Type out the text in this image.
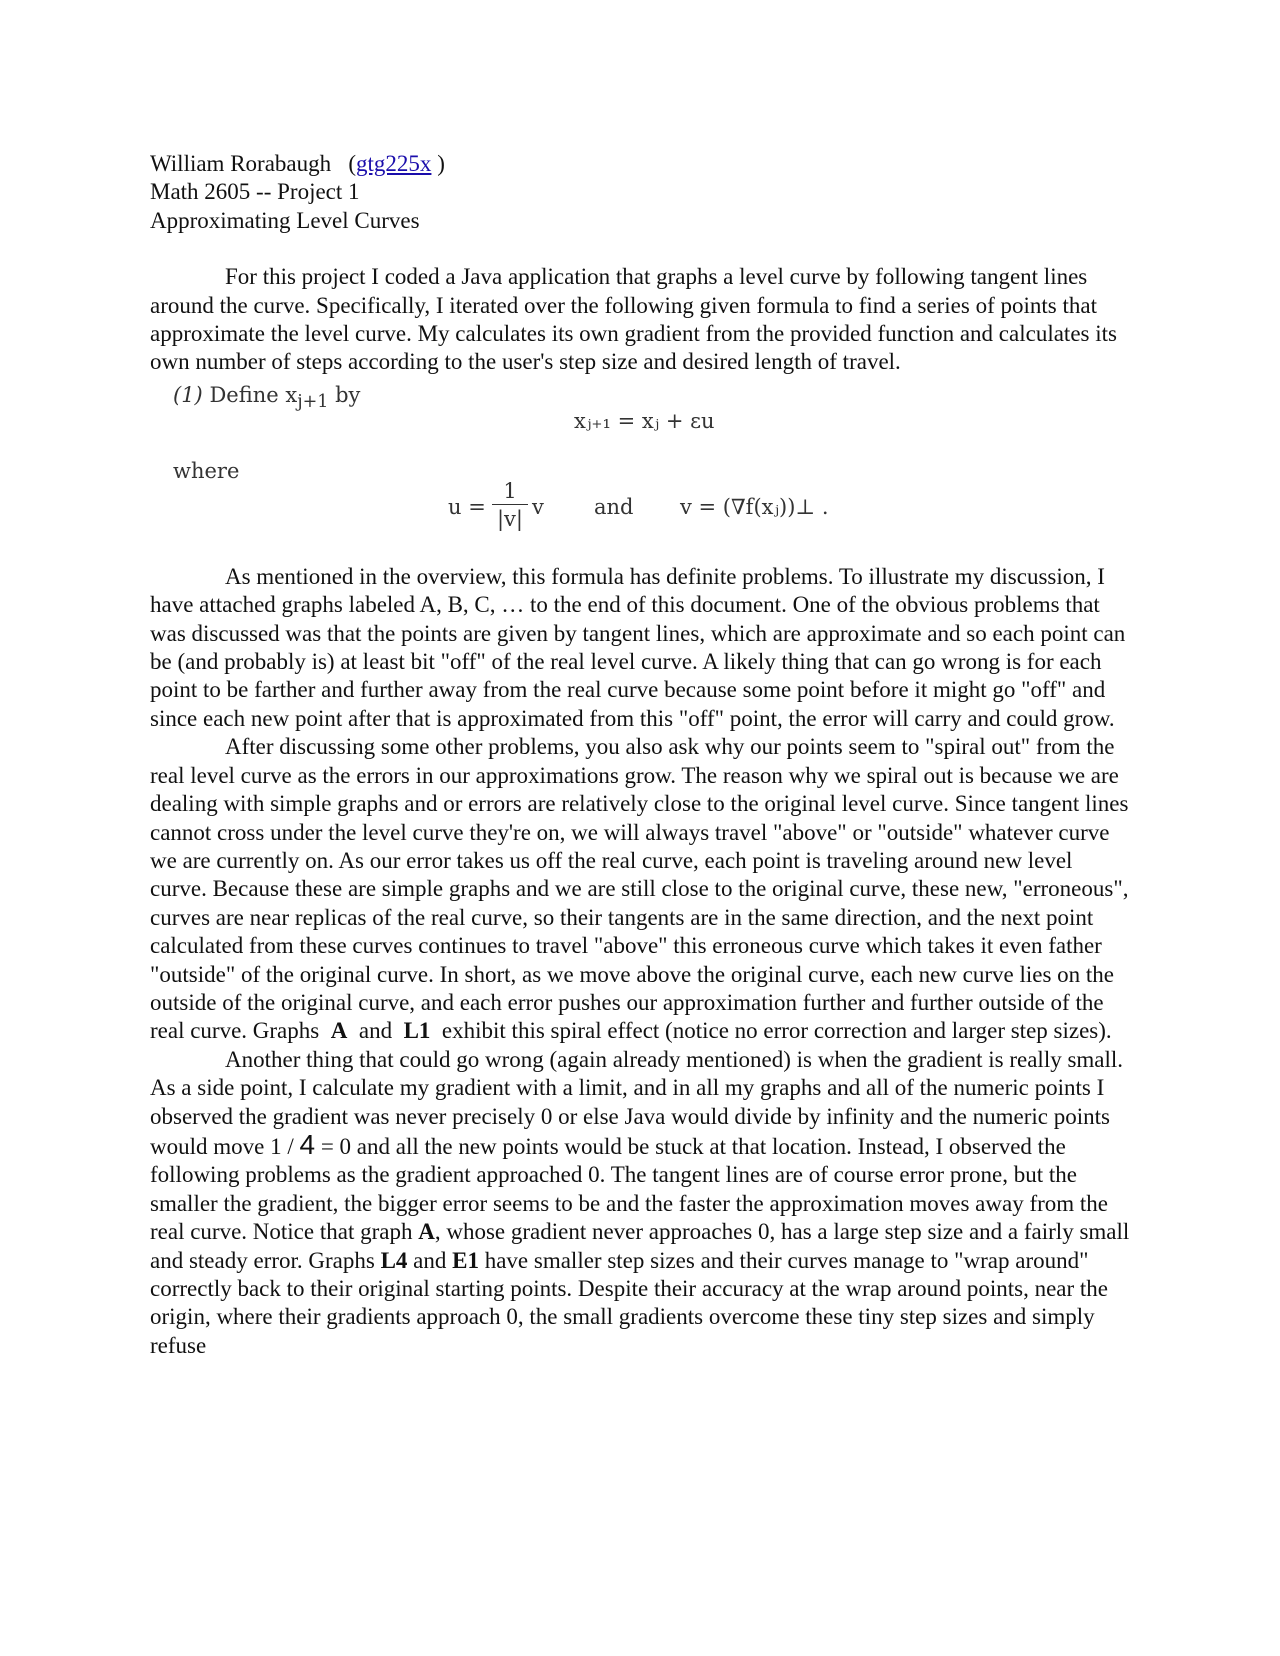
William Rorabaugh   (gtg225x )
Math 2605 -- Project 1
Approximating Level Curves

For this project I coded a Java application that graphs a level curve by following tangent lines around the curve. Specifically, I iterated over the following given formula to find a series of points that approximate the level curve. My calculates its own gradient from the provided function and calculates its own number of steps according to the user's step size and desired length of travel.

(1) Define $x_{j+1}$ by
xⱼ₊₁ = xⱼ + εu
where
u =
1
|v| v and v = (∇f(xⱼ))⊥ .

As mentioned in the overview, this formula has definite problems. To illustrate my discussion, I have attached graphs labeled A, B, C, … to the end of this document. One of the obvious problems that was discussed was that the points are given by tangent lines, which are approximate and so each point can be (and probably is) at least bit "off" of the real level curve. A likely thing that can go wrong is for each point to be farther and further away from the real curve because some point before it might go "off" and since each new point after that is approximated from this "off" point, the error will carry and could grow.

After discussing some other problems, you also ask why our points seem to "spiral out" from the real level curve as the errors in our approximations grow. The reason why we spiral out is because we are dealing with simple graphs and or errors are relatively close to the original level curve. Since tangent lines cannot cross under the level curve they're on, we will always travel "above" or "outside" whatever curve we are currently on. As our error takes us off the real curve, each point is traveling around new level curve. Because these are simple graphs and we are still close to the original curve, these new, "erroneous", curves are near replicas of the real curve, so their tangents are in the same direction, and the next point calculated from these curves continues to travel "above" this erroneous curve which takes it even father "outside" of the original curve. In short, as we move above the original curve, each new curve lies on the outside of the original curve, and each error pushes our approximation further and further outside of the real curve. Graphs A and L1 exhibit this spiral effect (notice no error correction and larger step sizes).

Another thing that could go wrong (again already mentioned) is when the gradient is really small. As a side point, I calculate my gradient with a limit, and in all my graphs and all of the numeric points I observed the gradient was never precisely 0 or else Java would divide by infinity and the numeric points would move 1 / 4 = 0 and all the new points would be stuck at that location. Instead, I observed the following problems as the gradient approached 0. The tangent lines are of course error prone, but the smaller the gradient, the bigger error seems to be and the faster the approximation moves away from the real curve. Notice that graph A, whose gradient never approaches 0, has a large step size and a fairly small and steady error. Graphs L4 and E1 have smaller step sizes and their curves manage to "wrap around" correctly back to their original starting points. Despite their accuracy at the wrap around points, near the origin, where their gradients approach 0, the small gradients overcome these tiny step sizes and simply refuse
